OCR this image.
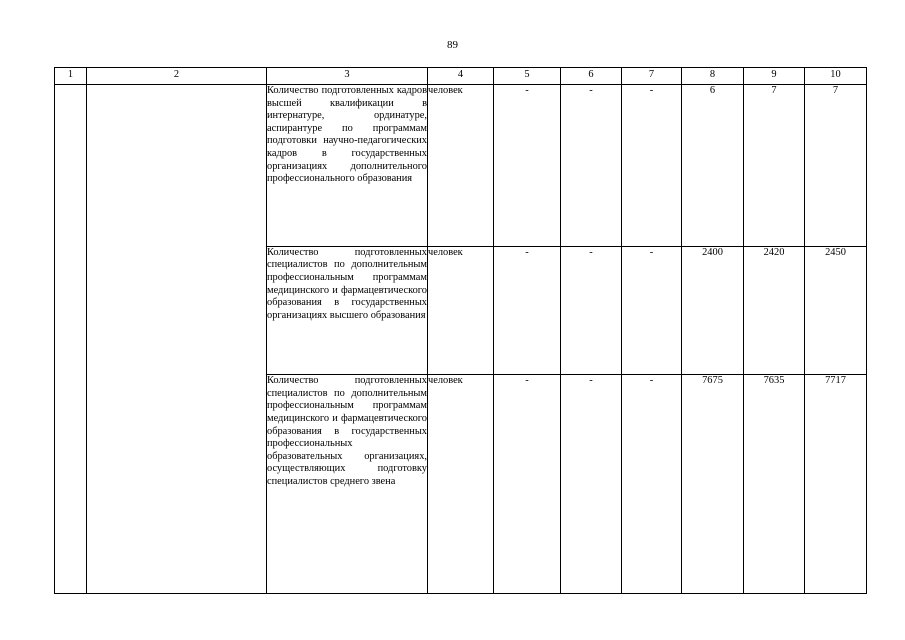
89
1	2	3	4	5	6	7	8	9	10
		Количество подготовленных кадров высшей квалификации в интернатуре, ординатуре, аспирантуре по программам подготовки научно-педагогических кадров в государственных организациях дополнительного профессионального образования	человек	-	-	-	6	7	7
		Количество подготовленных специалистов по дополнительным профессиональным программам медицинского и фармацевтического образования в государственных организациях высшего образования	человек	-	-	-	2400	2420	2450
		Количество подготовленных специалистов по дополнительным профессиональным программам медицинского и фармацевтического образования в государственных профессиональных образовательных организациях, осуществляющих подготовку специалистов среднего звена	человек	-	-	-	7675	7635	7717
